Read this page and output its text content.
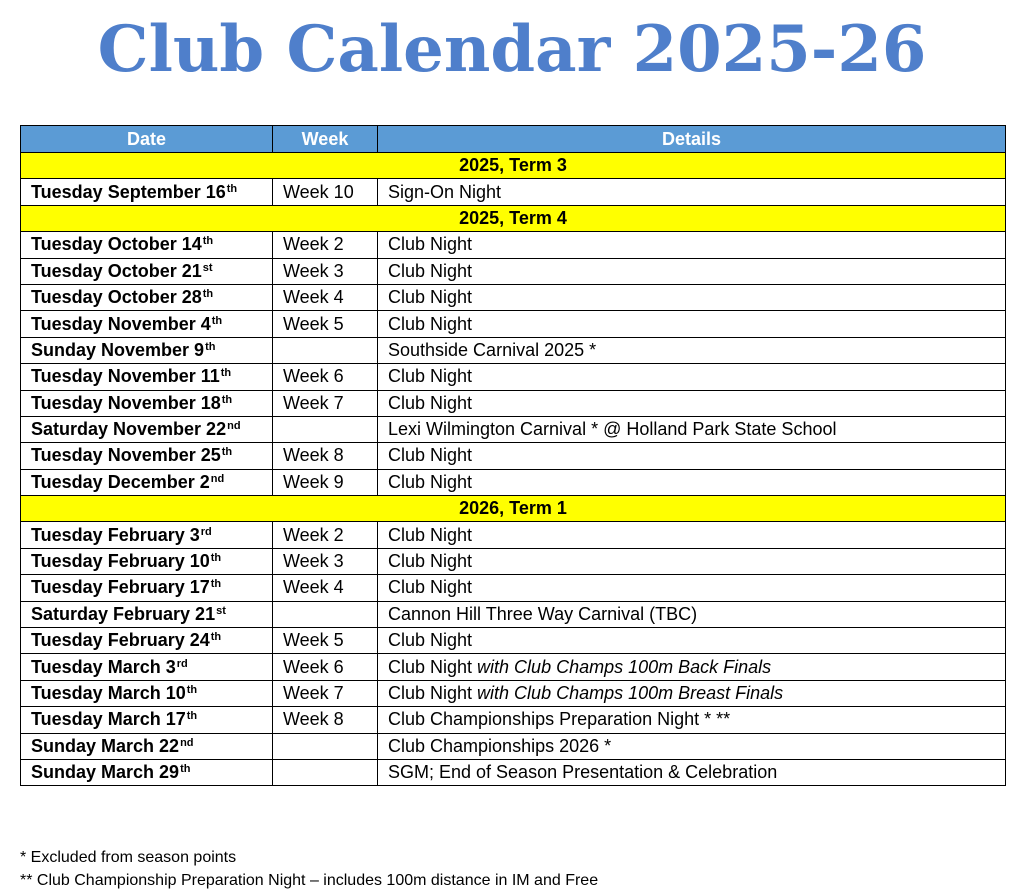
Club Calendar 2025-26
Date	Week	Details
2025, Term 3		
Tuesday September 16th	Week 10	Sign-On Night
2025, Term 4		
Tuesday October 14th	Week 2	Club Night
Tuesday October 21st	Week 3	Club Night
Tuesday October 28th	Week 4	Club Night
Tuesday November 4th	Week 5	Club Night
Sunday November 9th		Southside Carnival 2025 *
Tuesday November 11th	Week 6	Club Night
Tuesday November 18th	Week 7	Club Night
Saturday November 22nd		Lexi Wilmington Carnival * @ Holland Park State School
Tuesday November 25th	Week 8	Club Night
Tuesday December 2nd	Week 9	Club Night
2026, Term 1		
Tuesday February 3rd	Week 2	Club Night
Tuesday February 10th	Week 3	Club Night
Tuesday February 17th	Week 4	Club Night
Saturday February 21st		Cannon Hill Three Way Carnival (TBC)
Tuesday February 24th	Week 5	Club Night
Tuesday March 3rd	Week 6	Club Night with Club Champs 100m Back Finals
Tuesday March 10th	Week 7	Club Night with Club Champs 100m Breast Finals
Tuesday March 17th	Week 8	Club Championships Preparation Night * **
Sunday March 22nd		Club Championships 2026 *
Sunday March 29th		SGM; End of Season Presentation & Celebration
* Excluded from season points
** Club Championship Preparation Night – includes 100m distance in IM and Free
